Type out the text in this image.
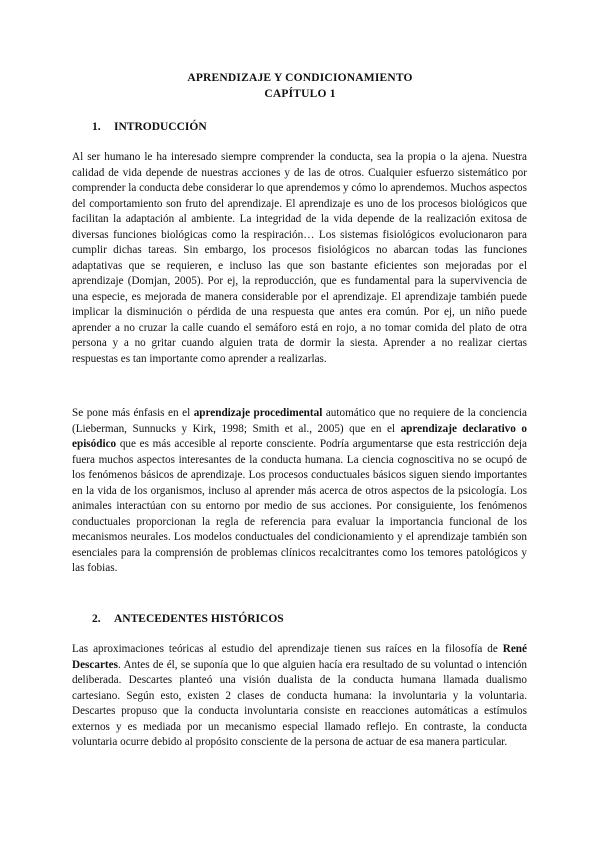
APRENDIZAJE Y CONDICIONAMIENTO
CAPÍTULO 1
1. INTRODUCCIÓN

Al ser humano le ha interesado siempre comprender la conducta, sea la propia o la ajena. Nuestra calidad de vida depende de nuestras acciones y de las de otros. Cualquier esfuerzo sistemático por comprender la conducta debe considerar lo que aprendemos y cómo lo aprendemos. Muchos aspectos del comportamiento son fruto del aprendizaje. El aprendizaje es uno de los procesos biológicos que facilitan la adaptación al ambiente. La integridad de la vida depende de la realización exitosa de diversas funciones biológicas como la respiración… Los sistemas fisiológicos evolucionaron para cumplir dichas tareas. Sin embargo, los procesos fisiológicos no abarcan todas las funciones adaptativas que se requieren, e incluso las que son bastante eficientes son mejoradas por el aprendizaje (Domjan, 2005). Por ej, la reproducción, que es fundamental para la supervivencia de una especie, es mejorada de manera considerable por el aprendizaje. El aprendizaje también puede implicar la disminución o pérdida de una respuesta que antes era común. Por ej, un niño puede aprender a no cruzar la calle cuando el semáforo está en rojo, a no tomar comida del plato de otra persona y a no gritar cuando alguien trata de dormir la siesta. Aprender a no realizar ciertas respuestas es tan importante como aprender a realizarlas.

Se pone más énfasis en el aprendizaje procedimental automático que no requiere de la conciencia (Lieberman, Sunnucks y Kirk, 1998; Smith et al., 2005) que en el aprendizaje declarativo o episódico que es más accesible al reporte consciente. Podría argumentarse que esta restricción deja fuera muchos aspectos interesantes de la conducta humana. La ciencia cognoscitiva no se ocupó de los fenómenos básicos de aprendizaje. Los procesos conductuales básicos siguen siendo importantes en la vida de los organismos, incluso al aprender más acerca de otros aspectos de la psicología. Los animales interactúan con su entorno por medio de sus acciones. Por consiguiente, los fenómenos conductuales proporcionan la regla de referencia para evaluar la importancia funcional de los mecanismos neurales. Los modelos conductuales del condicionamiento y el aprendizaje también son esenciales para la comprensión de problemas clínicos recalcitrantes como los temores patológicos y las fobias.

2. ANTECEDENTES HISTÓRICOS

Las aproximaciones teóricas al estudio del aprendizaje tienen sus raíces en la filosofía de René Descartes. Antes de él, se suponía que lo que alguien hacía era resultado de su voluntad o intención deliberada. Descartes planteó una visión dualista de la conducta humana llamada dualismo cartesiano. Según esto, existen 2 clases de conducta humana: la involuntaria y la voluntaria. Descartes propuso que la conducta involuntaria consiste en reacciones automáticas a estímulos externos y es mediada por un mecanismo especial llamado reflejo. En contraste, la conducta voluntaria ocurre debido al propósito consciente de la persona de actuar de esa manera particular.
